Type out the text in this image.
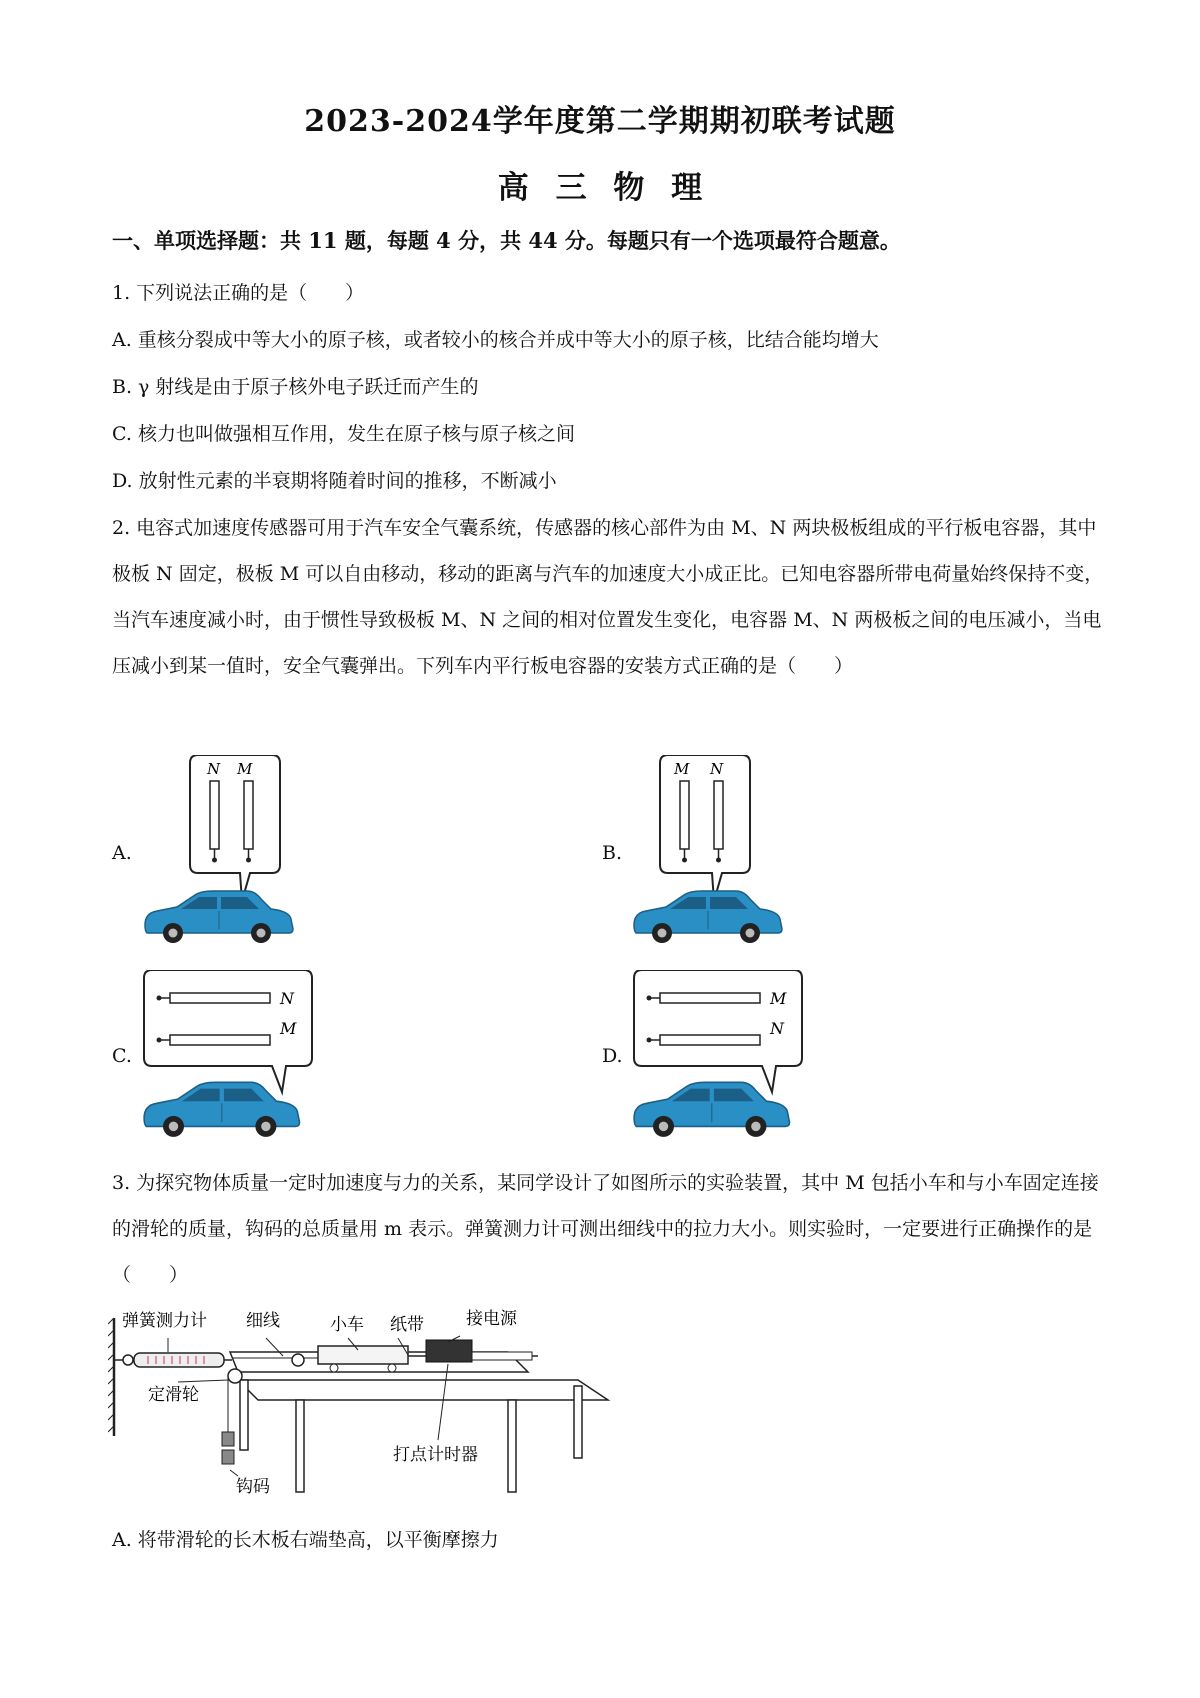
2023-2024学年度第二学期期初联考试题
高 三 物 理
一、单项选择题：共 11 题，每题 4 分，共 44 分。每题只有一个选项最符合题意。
1. 下列说法正确的是（　　）
A. 重核分裂成中等大小的原子核，或者较小的核合并成中等大小的原子核，比结合能均增大
B. γ 射线是由于原子核外电子跃迁而产生的
C. 核力也叫做强相互作用，发生在原子核与原子核之间
D. 放射性元素的半衰期将随着时间的推移，不断减小
2. 电容式加速度传感器可用于汽车安全气囊系统，传感器的核心部件为由 M、N 两块极板组成的平行板电容器，其中极板 N 固定，极板 M 可以自由移动，移动的距离与汽车的加速度大小成正比。已知电容器所带电荷量始终保持不变，当汽车速度减小时，由于惯性导致极板 M、N 之间的相对位置发生变化，电容器 M、N 两极板之间的电压减小，当电压减小到某一值时，安全气囊弹出。下列车内平行板电容器的安装方式正确的是（　　）
A.	B.
C.	D.
N M	M N
N
M
M
N
3. 为探究物体质量一定时加速度与力的关系，某同学设计了如图所示的实验装置，其中 M 包括小车和与小车固定连接的滑轮的质量，钩码的总质量用 m 表示。弹簧测力计可测出细线中的拉力大小。则实验时，一定要进行正确操作的是（　　）
弹簧测力计 细线	小车 纸带 接电源
定滑轮
打点计时器
钩码
A. 将带滑轮的长木板右端垫高，以平衡摩擦力
